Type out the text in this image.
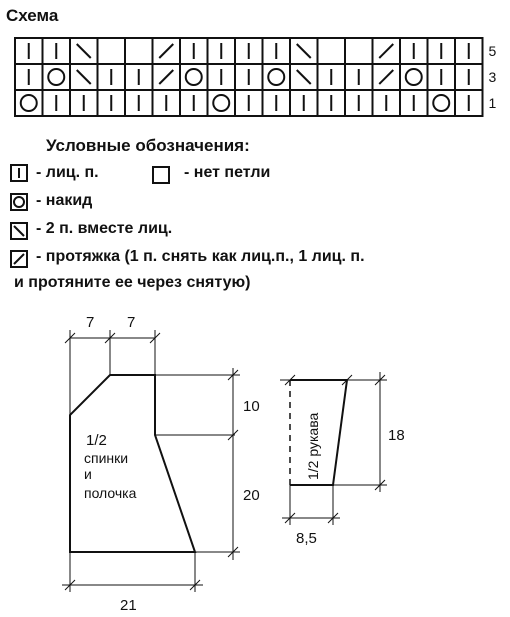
Схема
5
3
1
Условные обозначения:
- лиц. п.	- нет петли
- накид
- 2 п. вместе лиц.
- протяжка (1 п. снять как лиц.п., 1 лиц. п.
и протяните ее через снятую)
7 7
10
20
21
1/2
спинки
и
полочка
18
1/2 рукава
8,5
